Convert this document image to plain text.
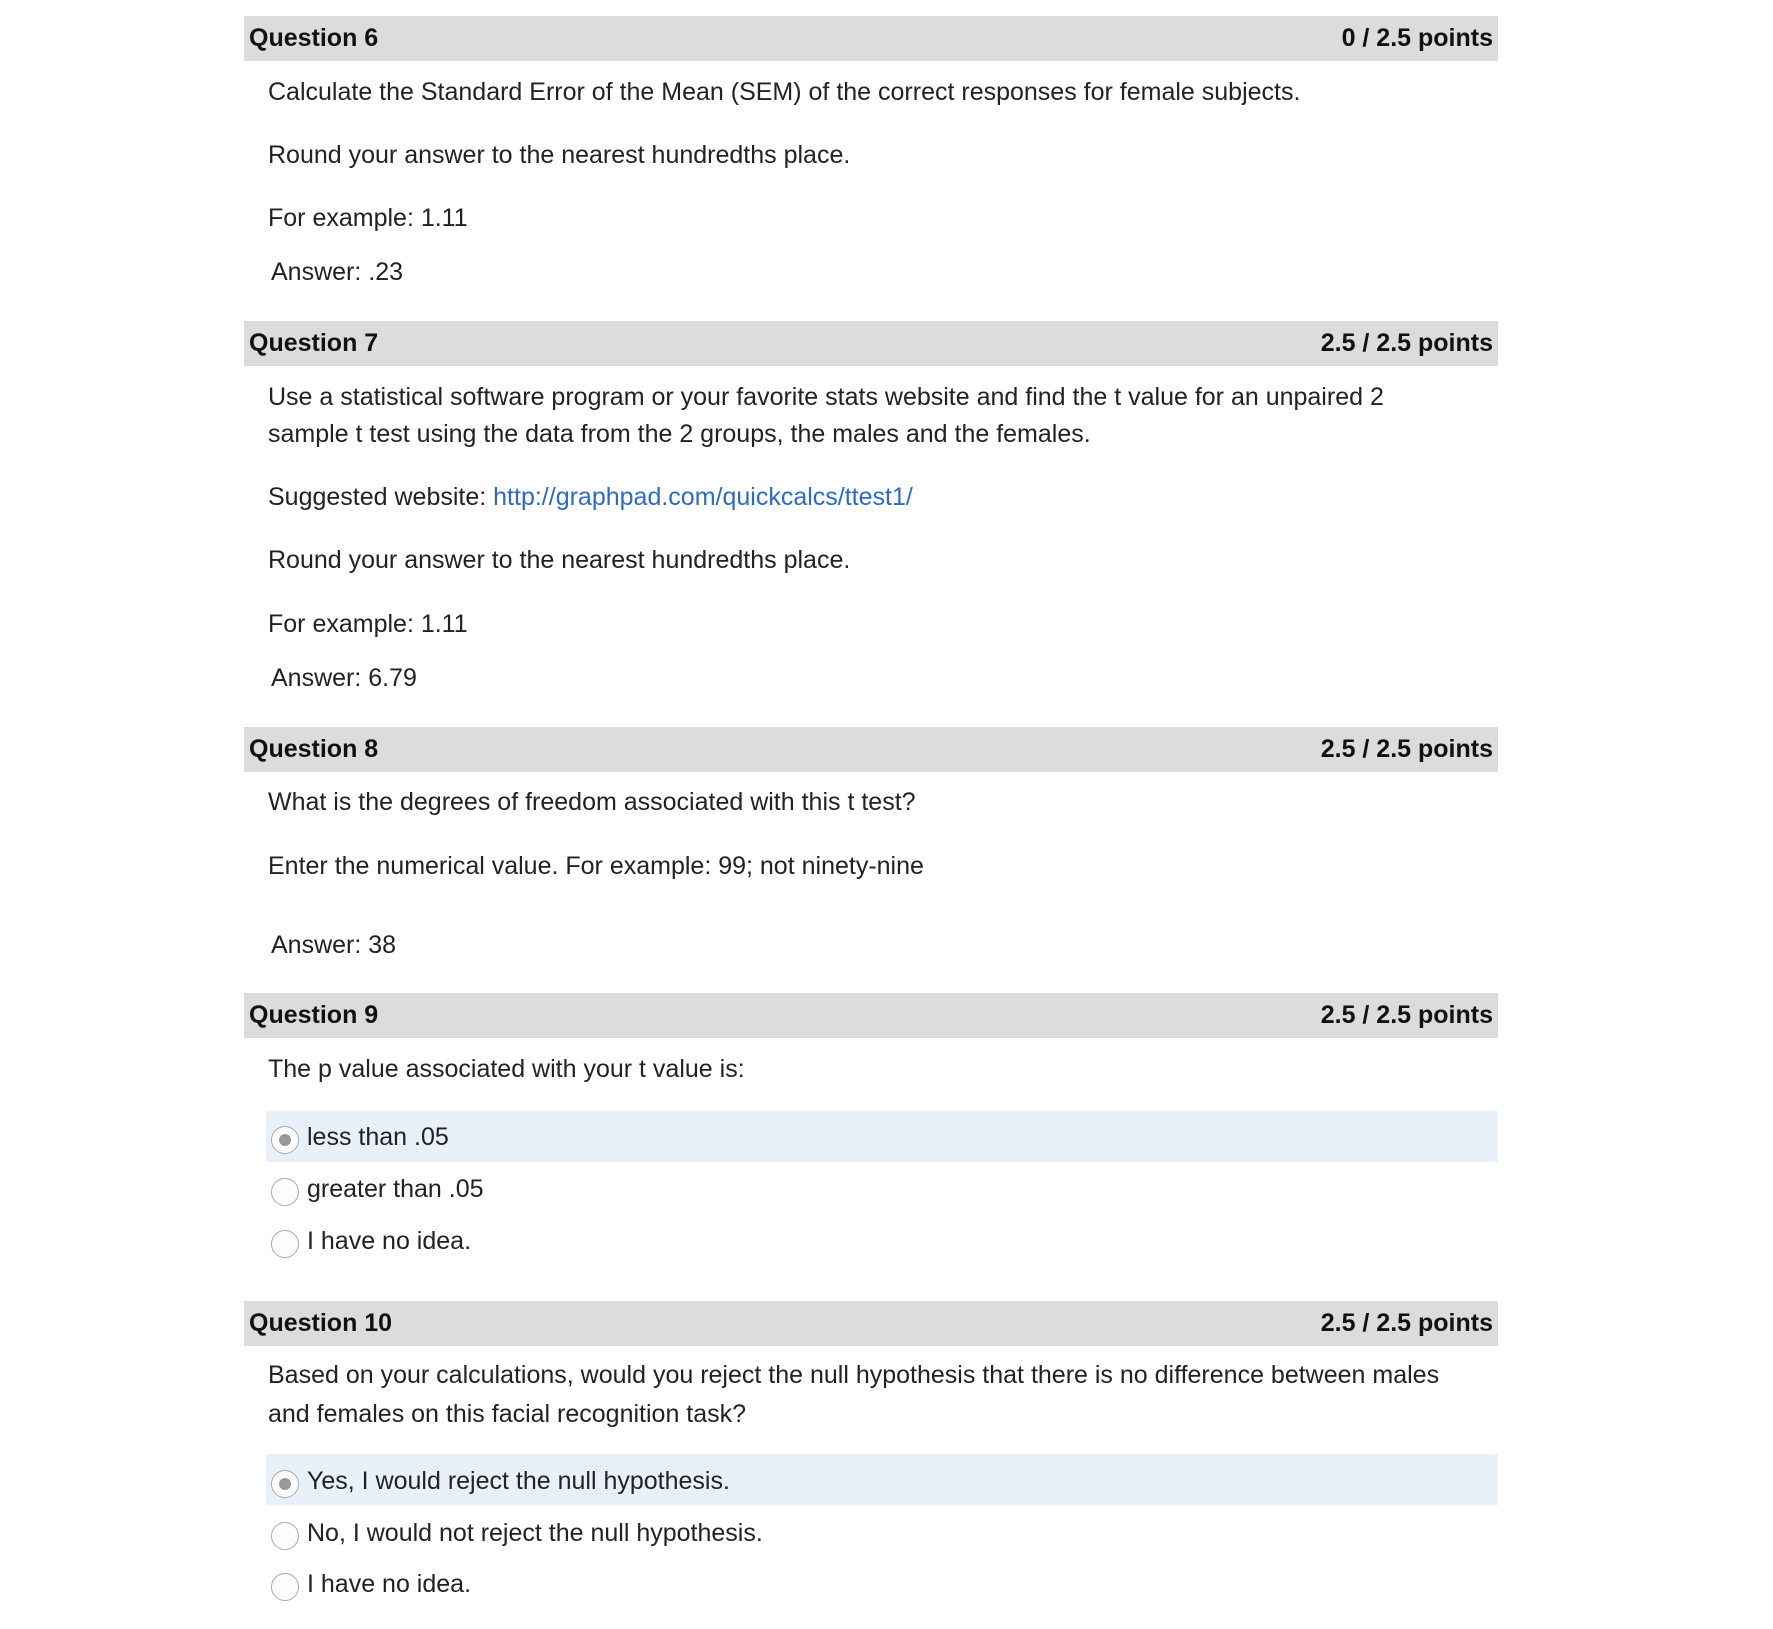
Question 6	0 / 2.5 points
Calculate the Standard Error of the Mean (SEM) of the correct responses for female subjects.
Round your answer to the nearest hundredths place.
For example: 1.11
Answer: .23
Question 7	2.5 / 2.5 points
Use a statistical software program or your favorite stats website and find the t value for an unpaired 2
sample t test using the data from the 2 groups, the males and the females.
Suggested website: http://graphpad.com/quickcalcs/ttest1/
Round your answer to the nearest hundredths place.
For example: 1.11
Answer: 6.79
Question 8	2.5 / 2.5 points
What is the degrees of freedom associated with this t test?
Enter the numerical value. For example: 99; not ninety-nine
Answer: 38
Question 9	2.5 / 2.5 points
The p value associated with your t value is:
less than .05
greater than .05
I have no idea.
Question 10	2.5 / 2.5 points
Based on your calculations, would you reject the null hypothesis that there is no difference between males
and females on this facial recognition task?
Yes, I would reject the null hypothesis.
No, I would not reject the null hypothesis.
I have no idea.
